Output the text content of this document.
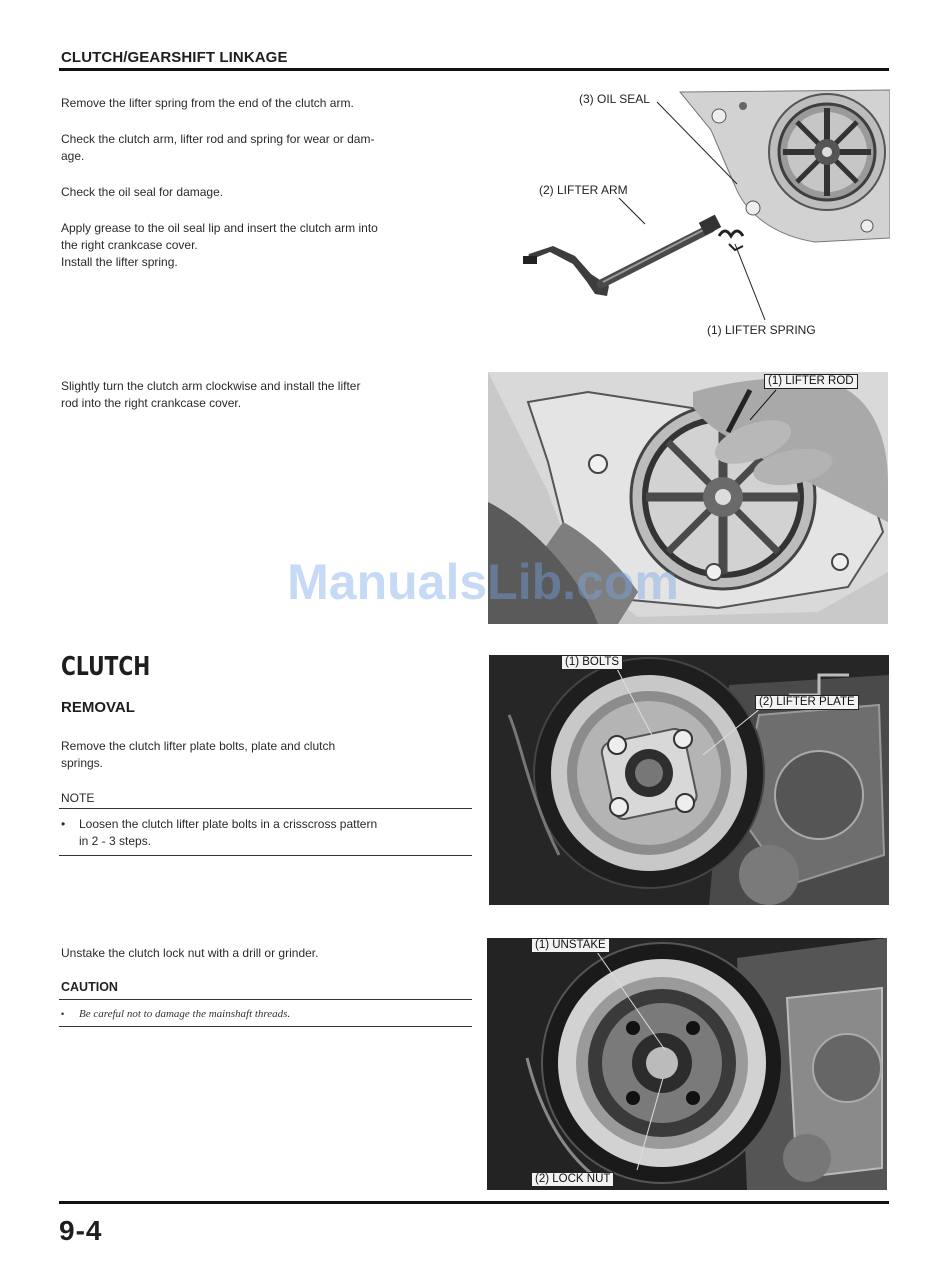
CLUTCH/GEARSHIFT LINKAGE
Remove the lifter spring from the end of the clutch arm.
Check the clutch arm, lifter rod and spring for wear or dam-
age.
Check the oil seal for damage.
Apply grease to the oil seal lip and insert the clutch arm into
the right crankcase cover.
Install the lifter spring.
(3) OIL SEAL
(2) LIFTER ARM
(1) LIFTER SPRING
Slightly turn the clutch arm clockwise and install the lifter
rod into the right crankcase cover.
(1) LIFTER ROD
ManualsLib.com
CLUTCH
REMOVAL
Remove the clutch lifter plate bolts, plate and clutch
springs.
NOTE
• Loosen the clutch lifter plate bolts in a crisscross pattern
in 2 - 3 steps.
(1) BOLTS
(2) LIFTER PLATE
Unstake the clutch lock nut with a drill or grinder.
CAUTION
• Be careful not to damage the mainshaft threads.
(1) UNSTAKE
(2) LOCK NUT
9-4
